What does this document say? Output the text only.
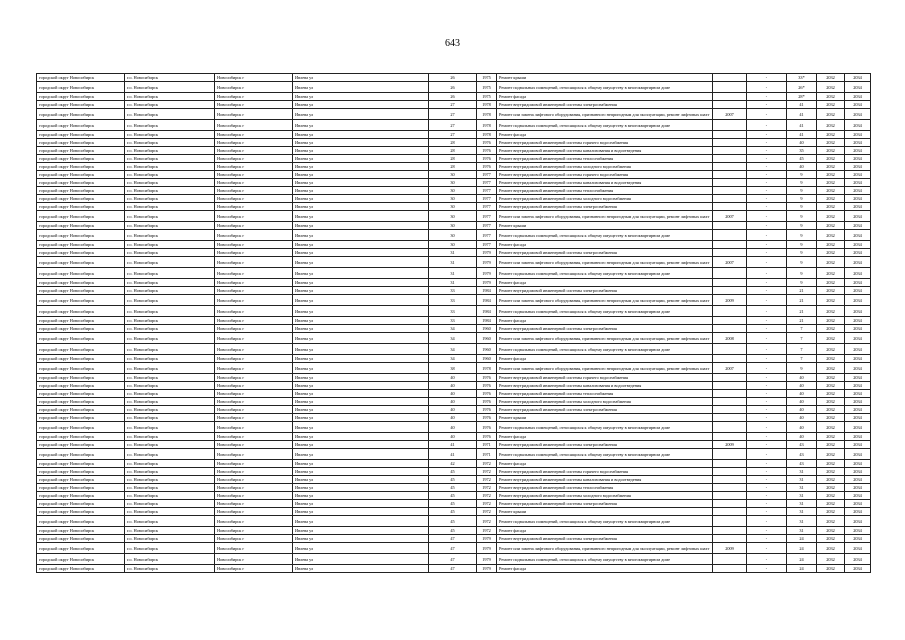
643
городской округ Новосибирск	г.о. Новосибирск	Новосибирск г	Ивлева ул	26	1975	Ремонт крыши		-	33*	2032	2034
городской округ Новосибирск	г.о. Новосибирск	Новосибирск г	Ивлева ул	26	1975	Ремонт подвальных помещений, относящихся к общему имуществу в многоквартирном доме		-	26*	2032	2034
городской округ Новосибирск	г.о. Новосибирск	Новосибирск г	Ивлева ул	26	1975	Ремонт фасада		-	28*	2032	2034
городской округ Новосибирск	г.о. Новосибирск	Новосибирск г	Ивлева ул	27	1978	Ремонт внутридомовой инженерной системы электроснабжения		-	41	2032	2034
городской округ Новосибирск	г.о. Новосибирск	Новосибирск г	Ивлева ул	27	1978	Ремонт или замена лифтового оборудования, признанного непригодным для эксплуатации, ремонт лифтовых шахт	2007	-	41	2032	2034
городской округ Новосибирск	г.о. Новосибирск	Новосибирск г	Ивлева ул	27	1978	Ремонт подвальных помещений, относящихся к общему имуществу в многоквартирном доме		-	41	2032	2034
городской округ Новосибирск	г.о. Новосибирск	Новосибирск г	Ивлева ул	27	1978	Ремонт фасада		-	41	2032	2034
городской округ Новосибирск	г.о. Новосибирск	Новосибирск г	Ивлева ул	28	1976	Ремонт внутридомовой инженерной системы горячего водоснабжения		-	40	2032	2034
городской округ Новосибирск	г.о. Новосибирск	Новосибирск г	Ивлева ул	28	1976	Ремонт внутридомовой инженерной системы канализования и водоотведения		-	35	2032	2034
городской округ Новосибирск	г.о. Новосибирск	Новосибирск г	Ивлева ул	28	1976	Ремонт внутридомовой инженерной системы теплоснабжения		-	45	2032	2034
городской округ Новосибирск	г.о. Новосибирск	Новосибирск г	Ивлева ул	28	1976	Ремонт внутридомовой инженерной системы холодного водоснабжения		-	40	2032	2034
городской округ Новосибирск	г.о. Новосибирск	Новосибирск г	Ивлева ул	30	1977	Ремонт внутридомовой инженерной системы горячего водоснабжения		-	9	2032	2034
городской округ Новосибирск	г.о. Новосибирск	Новосибирск г	Ивлева ул	30	1977	Ремонт внутридомовой инженерной системы канализования и водоотведения		-	9	2032	2034
городской округ Новосибирск	г.о. Новосибирск	Новосибирск г	Ивлева ул	30	1977	Ремонт внутридомовой инженерной системы теплоснабжения		-	9	2032	2034
городской округ Новосибирск	г.о. Новосибирск	Новосибирск г	Ивлева ул	30	1977	Ремонт внутридомовой инженерной системы холодного водоснабжения		-	9	2032	2034
городской округ Новосибирск	г.о. Новосибирск	Новосибирск г	Ивлева ул	30	1977	Ремонт внутридомовой инженерной системы электроснабжения		-	9	2032	2034
городской округ Новосибирск	г.о. Новосибирск	Новосибирск г	Ивлева ул	30	1977	Ремонт или замена лифтового оборудования, признанного непригодным для эксплуатации, ремонт лифтовых шахт	2007	-	9	2032	2034
городской округ Новосибирск	г.о. Новосибирск	Новосибирск г	Ивлева ул	30	1977	Ремонт крыши		-	9	2032	2034
городской округ Новосибирск	г.о. Новосибирск	Новосибирск г	Ивлева ул	30	1977	Ремонт подвальных помещений, относящихся к общему имуществу в многоквартирном доме		-	9	2032	2034
городской округ Новосибирск	г.о. Новосибирск	Новосибирск г	Ивлева ул	30	1977	Ремонт фасада		-	9	2032	2034
городской округ Новосибирск	г.о. Новосибирск	Новосибирск г	Ивлева ул	31	1979	Ремонт внутридомовой инженерной системы электроснабжения		-	9	2032	2034
городской округ Новосибирск	г.о. Новосибирск	Новосибирск г	Ивлева ул	31	1979	Ремонт или замена лифтового оборудования, признанного непригодным для эксплуатации, ремонт лифтовых шахт	2007	-	9	2032	2034
городской округ Новосибирск	г.о. Новосибирск	Новосибирск г	Ивлева ул	31	1979	Ремонт подвальных помещений, относящихся к общему имуществу в многоквартирном доме		-	9	2032	2034
городской округ Новосибирск	г.о. Новосибирск	Новосибирск г	Ивлева ул	31	1979	Ремонт фасада		-	9	2032	2034
городской округ Новосибирск	г.о. Новосибирск	Новосибирск г	Ивлева ул	33	1984	Ремонт внутридомовой инженерной системы электроснабжения		-	21	2032	2034
городской округ Новосибирск	г.о. Новосибирск	Новосибирск г	Ивлева ул	33	1984	Ремонт или замена лифтового оборудования, признанного непригодным для эксплуатации, ремонт лифтовых шахт	2009	-	21	2032	2034
городской округ Новосибирск	г.о. Новосибирск	Новосибирск г	Ивлева ул	33	1984	Ремонт подвальных помещений, относящихся к общему имуществу в многоквартирном доме		-	21	2032	2034
городской округ Новосибирск	г.о. Новосибирск	Новосибирск г	Ивлева ул	33	1984	Ремонт фасада		-	21	2032	2034
городской округ Новосибирск	г.о. Новосибирск	Новосибирск г	Ивлева ул	34	1960	Ремонт внутридомовой инженерной системы электроснабжения		-	7	2032	2034
городской округ Новосибирск	г.о. Новосибирск	Новосибирск г	Ивлева ул	34	1960	Ремонт или замена лифтового оборудования, признанного непригодным для эксплуатации, ремонт лифтовых шахт	2008	-	7	2032	2034
городской округ Новосибирск	г.о. Новосибирск	Новосибирск г	Ивлева ул	34	1960	Ремонт подвальных помещений, относящихся к общему имуществу в многоквартирном доме		-	7	2032	2034
городской округ Новосибирск	г.о. Новосибирск	Новосибирск г	Ивлева ул	34	1960	Ремонт фасада		-	7	2032	2034
городской округ Новосибирск	г.о. Новосибирск	Новосибирск г	Ивлева ул	38	1978	Ремонт или замена лифтового оборудования, признанного непригодным для эксплуатации, ремонт лифтовых шахт	2007	-	9	2032	2034
городской округ Новосибирск	г.о. Новосибирск	Новосибирск г	Ивлева ул	40	1976	Ремонт внутридомовой инженерной системы горячего водоснабжения		-	40	2032	2034
городской округ Новосибирск	г.о. Новосибирск	Новосибирск г	Ивлева ул	40	1976	Ремонт внутридомовой инженерной системы канализования и водоотведения		-	40	2032	2034
городской округ Новосибирск	г.о. Новосибирск	Новосибирск г	Ивлева ул	40	1976	Ремонт внутридомовой инженерной системы теплоснабжения		-	40	2032	2034
городской округ Новосибирск	г.о. Новосибирск	Новосибирск г	Ивлева ул	40	1976	Ремонт внутридомовой инженерной системы холодного водоснабжения		-	40	2032	2034
городской округ Новосибирск	г.о. Новосибирск	Новосибирск г	Ивлева ул	40	1976	Ремонт внутридомовой инженерной системы электроснабжения		-	40	2032	2034
городской округ Новосибирск	г.о. Новосибирск	Новосибирск г	Ивлева ул	40	1976	Ремонт крыши		-	40	2032	2034
городской округ Новосибирск	г.о. Новосибирск	Новосибирск г	Ивлева ул	40	1976	Ремонт подвальных помещений, относящихся к общему имуществу в многоквартирном доме		-	40	2032	2034
городской округ Новосибирск	г.о. Новосибирск	Новосибирск г	Ивлева ул	40	1976	Ремонт фасада		-	40	2032	2034
городской округ Новосибирск	г.о. Новосибирск	Новосибирск г	Ивлева ул	41	1971	Ремонт внутридомовой инженерной системы электроснабжения	2009	-	43	2032	2034
городской округ Новосибирск	г.о. Новосибирск	Новосибирск г	Ивлева ул	41	1971	Ремонт подвальных помещений, относящихся к общему имуществу в многоквартирном доме		-	43	2032	2034
городской округ Новосибирск	г.о. Новосибирск	Новосибирск г	Ивлева ул	42	1972	Ремонт фасада		-	43	2032	2034
городской округ Новосибирск	г.о. Новосибирск	Новосибирск г	Ивлева ул	45	1972	Ремонт внутридомовой инженерной системы горячего водоснабжения		-	31	2032	2034
городской округ Новосибирск	г.о. Новосибирск	Новосибирск г	Ивлева ул	45	1972	Ремонт внутридомовой инженерной системы канализования и водоотведения		-	31	2032	2034
городской округ Новосибирск	г.о. Новосибирск	Новосибирск г	Ивлева ул	45	1972	Ремонт внутридомовой инженерной системы теплоснабжения		-	31	2032	2034
городской округ Новосибирск	г.о. Новосибирск	Новосибирск г	Ивлева ул	45	1972	Ремонт внутридомовой инженерной системы холодного водоснабжения		-	31	2032	2034
городской округ Новосибирск	г.о. Новосибирск	Новосибирск г	Ивлева ул	45	1972	Ремонт внутридомовой инженерной системы электроснабжения		-	31	2032	2034
городской округ Новосибирск	г.о. Новосибирск	Новосибирск г	Ивлева ул	45	1972	Ремонт крыши		-	31	2032	2034
городской округ Новосибирск	г.о. Новосибирск	Новосибирск г	Ивлева ул	45	1972	Ремонт подвальных помещений, относящихся к общему имуществу в многоквартирном доме		-	31	2032	2034
городской округ Новосибирск	г.о. Новосибирск	Новосибирск г	Ивлева ул	45	1972	Ремонт фасада		-	31	2032	2034
городской округ Новосибирск	г.о. Новосибирск	Новосибирск г	Ивлева ул	47	1979	Ремонт внутридомовой инженерной системы электроснабжения		-	24	2032	2034
городской округ Новосибирск	г.о. Новосибирск	Новосибирск г	Ивлева ул	47	1979	Ремонт или замена лифтового оборудования, признанного непригодным для эксплуатации, ремонт лифтовых шахт	2009	-	24	2032	2034
городской округ Новосибирск	г.о. Новосибирск	Новосибирск г	Ивлева ул	47	1979	Ремонт подвальных помещений, относящихся к общему имуществу в многоквартирном доме		-	24	2032	2034
городской округ Новосибирск	г.о. Новосибирск	Новосибирск г	Ивлева ул	47	1979	Ремонт фасада		-	24	2032	2034
